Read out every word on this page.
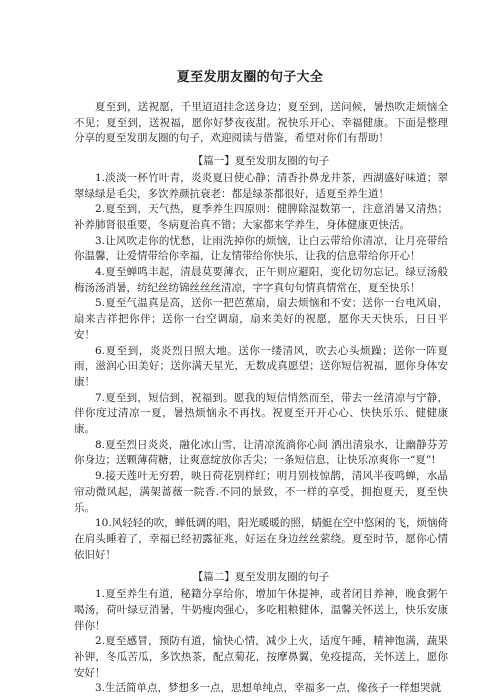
夏至发朋友圈的句子大全

夏至到，送祝愿，千里迢迢挂念送身边；夏至到，送问候，暑热吹走烦恼全不见；夏至到，送祝福，愿你好梦夜夜甜。祝快乐开心、幸福健康。下面是整理分享的夏至发朋友圈的句子，欢迎阅读与借鉴，希望对你们有帮助！

【篇一】夏至发朋友圈的句子

1.淡淡一杯竹叶青，炎炎夏日使心静；清香扑鼻龙井茶，西湖盛好味道；翠翠绿绿是毛尖，多饮养颜抗衰老：都是绿茶都很好，适夏至养生道！

2.夏至到，天气热，夏季养生四原则：健脾除湿数第一，注意消暑又清热；补养肺肾很重要，冬病夏治真不错；大家都来学养生，身体健康更快活。

3.让风吹走你的忧愁，让雨洗掉你的烦恼，让白云带给你清凉，让月亮带给你温馨，让爱情带给你幸福，让友情带给你快乐，让我的信息带给你开心！

4.夏至蝉鸣丰起，清晨莫要薄衣，正午则应避阳，变化切勿忘记。绿豆汤般梅汤汤消暑，纺纪丝纺锦丝丝丝清凉，字字真句句情真情常在，夏至快乐！

5.夏至气温真是高，送你一把芭蕉扇，扇去烦恼和不安；送你一台电风扇，扇来吉祥把你伴；送你一台空调扇，扇来美好的祝愿，愿你天天快乐，日日平安！

6.夏至到，炎炎烈日照大地。送你一缕清风，吹去心头烦躁；送你一阵夏雨，滋润心田美好；送你满天星光，无数成真愿望；送你短信祝福，愿你身体安康！

7.夏至到，短信到，祝福到。愿我的短信悄然而至，带去一丝清凉与宁静，伴你度过清凉一夏，暑热烦恼永不再找。祝夏至开开心心、快快乐乐、健健康康。

8.夏至烈日炎炎，融化冰山雪，让清凉流淌你心间 洒出清泉水，让幽静芬芳你身边；送颗薄荷糖，让爽意绽放你舌尖；一条短信息，让快乐凉爽你一“夏”!

9.接天莲叶无穷碧，映日荷花别样红；明月别枝惊鹊，清风半夜鸣蝉，水晶帘动微风起，满架蔷薇一院香.不同的景致，不一样的享受，拥抱夏天，夏至快乐。

10.风轻轻的吹，蝉低调的唱，阳光暖暖的照，蜻蜓在空中悠闲的飞，烦恼倚在肩头睡着了，幸福已经初露征兆，好运在身边丝丝萦绕。夏至时节，愿你心情依旧好！

【篇二】夏至发朋友圈的句子

1.夏至养生有道，秘籍分享给你，增加午休提神，或者闭目养神，晚食粥午喝汤，荷叶绿豆消暑，牛奶瘦肉强心，多吃粗粮健体，温馨关怀送上，快乐安康伴你！

2.夏至感冒，预防有道，愉快心情，减少上火，适度午睡，精神饱满，蔬果补钾，冬瓜苦瓜，多饮热茶，配点菊花，按摩鼻翼，免疫提高，关怀送上，愿你安好！

3.生活简单点，梦想多一点，思想单纯点，幸福多一点，像孩子一样想哭就
